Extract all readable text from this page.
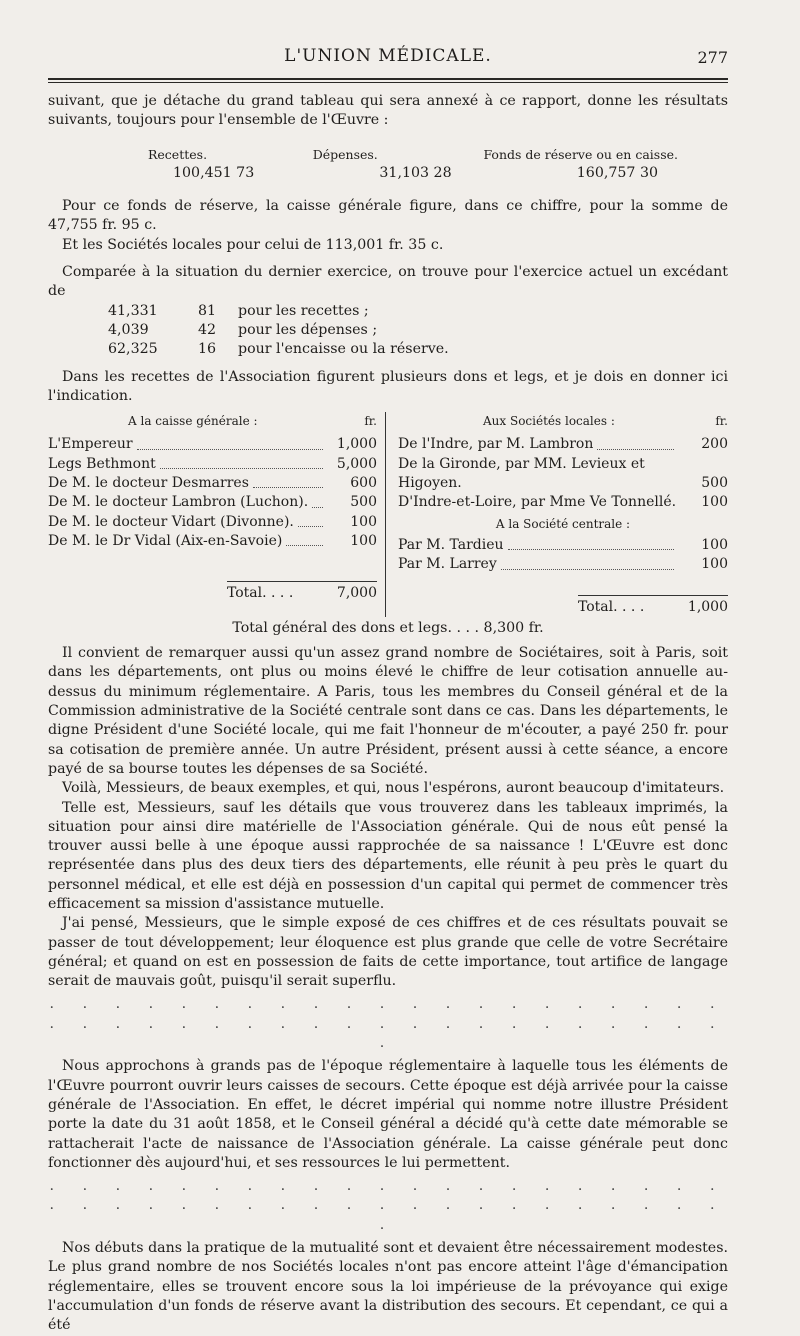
L'UNION MÉDICALE.	277

suivant, que je détache du grand tableau qui sera annexé à ce rapport, donne les résultats suivants, toujours pour l'ensemble de l'Œuvre :

Recettes.	Dépenses.	Fonds de réserve ou en caisse.
100,451 73	31,103 28	160,757 30

Pour ce fonds de réserve, la caisse générale figure, dans ce chiffre, pour la somme de 47,755 fr. 95 c.

Et les Sociétés locales pour celui de 113,001 fr. 35 c.

Comparée à la situation du dernier exercice, on trouve pour l'exercice actuel un excédant de

41,331	81	pour les recettes ;
4,039	42	pour les dépenses ;
62,325	16	pour l'encaisse ou la réserve.

Dans les recettes de l'Association figurent plusieurs dons et legs, et je dois en donner ici l'indication.

A la caisse générale :	fr.
L'Empereur	1,000
Legs Bethmont	5,000
De M. le docteur Desmarres	600
De M. le docteur Lambron (Luchon).	500
De M. le docteur Vidart (Divonne).	100
De M. le Dr Vidal (Aix-en-Savoie)	100
Total. . . .	7,000
Aux Sociétés locales :	fr.
De l'Indre, par M. Lambron	200
De la Gironde, par MM. Levieux et Higoyen.	500
D'Indre-et-Loire, par Mme Ve Tonnellé.	100
A la Société centrale :
Par M. Tardieu	100
Par M. Larrey	100
Total. . . .	1,000
Total général des dons et legs. . . . 8,300 fr.

Il convient de remarquer aussi qu'un assez grand nombre de Sociétaires, soit à Paris, soit dans les départements, ont plus ou moins élevé le chiffre de leur cotisation annuelle au-dessus du minimum réglementaire. A Paris, tous les membres du Conseil général et de la Commission administrative de la Société centrale sont dans ce cas. Dans les départements, le digne Président d'une Société locale, qui me fait l'honneur de m'écouter, a payé 250 fr. pour sa cotisation de première année. Un autre Président, présent aussi à cette séance, a encore payé de sa bourse toutes les dépenses de sa Société.

Voilà, Messieurs, de beaux exemples, et qui, nous l'espérons, auront beaucoup d'imitateurs.

Telle est, Messieurs, sauf les détails que vous trouverez dans les tableaux imprimés, la situation pour ainsi dire matérielle de l'Association générale. Qui de nous eût pensé la trouver aussi belle à une époque aussi rapprochée de sa naissance ! L'Œuvre est donc représentée dans plus des deux tiers des départements, elle réunit à peu près le quart du personnel médical, et elle est déjà en possession d'un capital qui permet de commencer très efficacement sa mission d'assistance mutuelle.

J'ai pensé, Messieurs, que le simple exposé de ces chiffres et de ces résultats pouvait se passer de tout développement; leur éloquence est plus grande que celle de votre Secrétaire général; et quand on est en possession de faits de cette importance, tout artifice de langage serait de mauvais goût, puisqu'il serait superflu.

. . . . . . . . . . . . . . . . . . . . . . . . . . . . . . . . . . . . . . . . . . .

Nous approchons à grands pas de l'époque réglementaire à laquelle tous les éléments de l'Œuvre pourront ouvrir leurs caisses de secours. Cette époque est déjà arrivée pour la caisse générale de l'Association. En effet, le décret impérial qui nomme notre illustre Président porte la date du 31 août 1858, et le Conseil général a décidé qu'à cette date mémorable se rattacherait l'acte de naissance de l'Association générale. La caisse générale peut donc fonctionner dès aujourd'hui, et ses ressources le lui permettent.

. . . . . . . . . . . . . . . . . . . . . . . . . . . . . . . . . . . . . . . . . . .

Nos débuts dans la pratique de la mutualité sont et devaient être nécessairement modestes. Le plus grand nombre de nos Sociétés locales n'ont pas encore atteint l'âge d'émancipation réglementaire, elles se trouvent encore sous la loi impérieuse de la prévoyance qui exige l'accumulation d'un fonds de réserve avant la distribution des secours. Et cependant, ce qui a été
